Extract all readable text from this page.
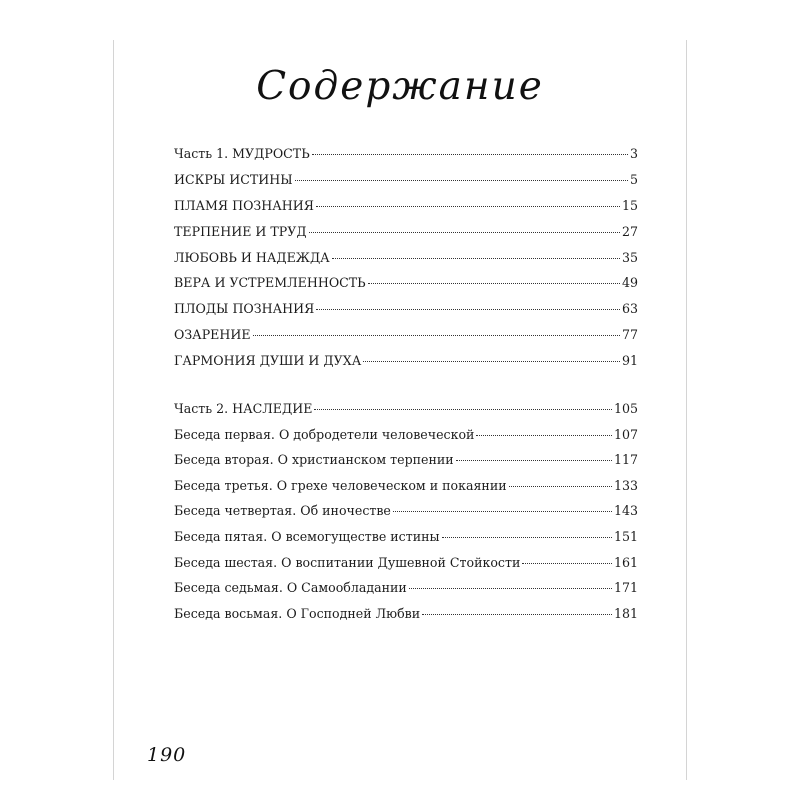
Содержание
Часть 1. МУДРОСТЬ	3
ИСКРЫ ИСТИНЫ	5
ПЛАМЯ ПОЗНАНИЯ	15
ТЕРПЕНИЕ И ТРУД	27
ЛЮБОВЬ И НАДЕЖДА	35
ВЕРА И УСТРЕМЛЕННОСТЬ	49
ПЛОДЫ ПОЗНАНИЯ	63
ОЗАРЕНИЕ	77
ГАРМОНИЯ ДУШИ И ДУХА	91
Часть 2. НАСЛЕДИЕ	105
Беседа первая. О добродетели человеческой	107
Беседа вторая. О христианском терпении	117
Беседа третья. О грехе человеческом и покаянии	133
Беседа четвертая. Об иночестве	143
Беседа пятая. О всемогуществе истины	151
Беседа шестая. О воспитании Душевной Стойкости	161
Беседа седьмая. О Самообладании	171
Беседа восьмая. О Господней Любви	181
190
